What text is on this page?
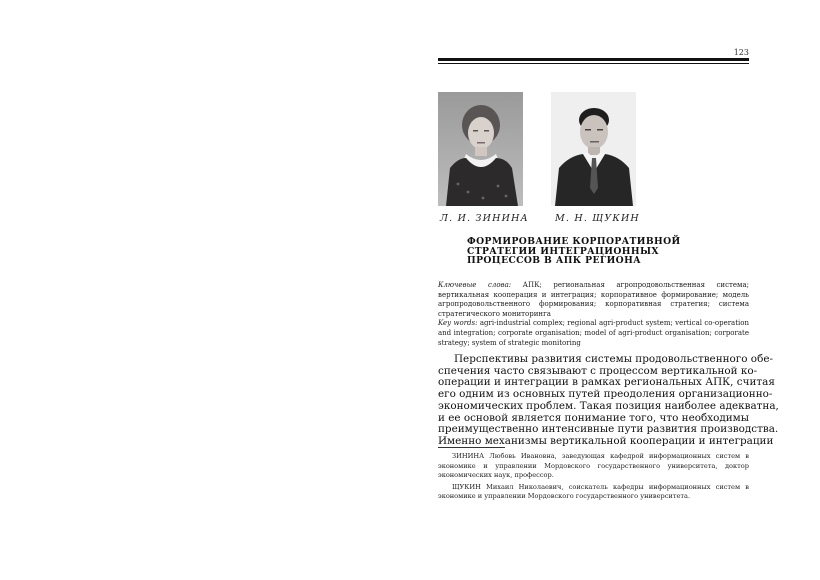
123
Л. И. ЗИНИНА	М. Н. ЩУКИН
ФОРМИРОВАНИЕ КОРПОРАТИВНОЙ
СТРАТЕГИИ ИНТЕГРАЦИОННЫХ
ПРОЦЕССОВ В АПК РЕГИОНА

Ключевые слова: АПК; региональная агропродовольственная система; вертикальная кооперация и интеграция; корпоративное формирование; модель агропродовольственного формирования; корпоративная стратегия; система стратегического мониторинга

Key words: agri-industrial complex; regional agri-product system; vertical co-operation and integration; corporate organisation; model of agri-product organisation; corporate strategy; system of strategic monitoring

Перспективы развития системы продовольственного обе-
спечения часто связывают с процессом вертикальной ко-
операции и интеграции в рамках региональных АПК, считая
его одним из основных путей преодоления организационно-
экономических проблем. Такая позиция наиболее адекватна,
и ее основой является понимание того, что необходимы
преимущественно интенсивные пути развития производства.
Именно механизмы вертикальной кооперации и интеграции

ЗИНИНА Любовь Ивановна, заведующая кафедрой информационных систем в экономике и управлении Мордовского государственного университета, доктор экономических наук, профессор.

ЩУКИН Михаил Николаевич, соискатель кафедры информационных систем в экономике и управлении Мордовского государственного университета.
